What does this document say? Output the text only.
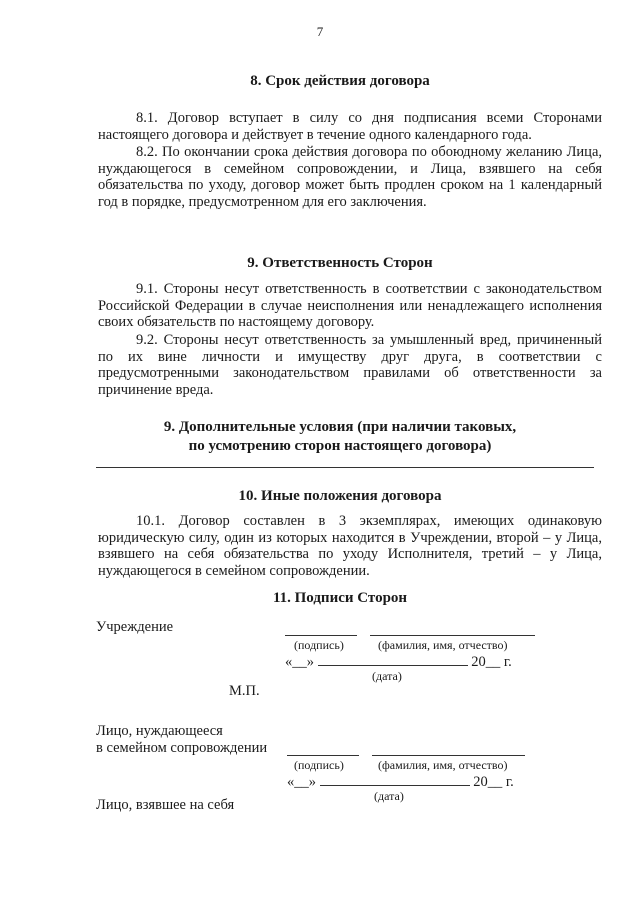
7
8. Срок действия договора
8.1. Договор вступает в силу со дня подписания всеми Сторонами настоящего договора и действует в течение одного календарного года.
8.2. По окончании срока действия договора по обоюдному желанию Лица, нуждающегося в семейном сопровождении, и Лица, взявшего на себя обязательства по уходу, договор может быть продлен сроком на 1 календарный год в порядке, предусмотренном для его заключения.
9. Ответственность Сторон
9.1. Стороны несут ответственность в соответствии с законодательством Российской Федерации в случае неисполнения или ненадлежащего исполнения своих обязательств по настоящему договору.
9.2. Стороны несут ответственность за умышленный вред, причиненный по их вине личности и имуществу друг друга, в соответствии с предусмотренными законодательством правилами об ответственности за причинение вреда.
9. Дополнительные условия (при наличии таковых,
по усмотрению сторон настоящего договора)
10. Иные положения договора
10.1. Договор составлен в 3 экземплярах, имеющих одинаковую юридическую силу, один из которых находится в Учреждении, второй – у Лица, взявшего на себя обязательства по уходу Исполнителя, третий – у Лица, нуждающегося в семейном сопровождении.
11. Подписи Сторон
Учреждение
(подпись)	(фамилия, имя, отчество)
«__»	20__ г.
(дата)
М.П.
Лицо, нуждающееся
в семейном сопровождении
(подпись)	(фамилия, имя, отчество)
«__»	20__ г.
(дата)
Лицо, взявшее на себя
